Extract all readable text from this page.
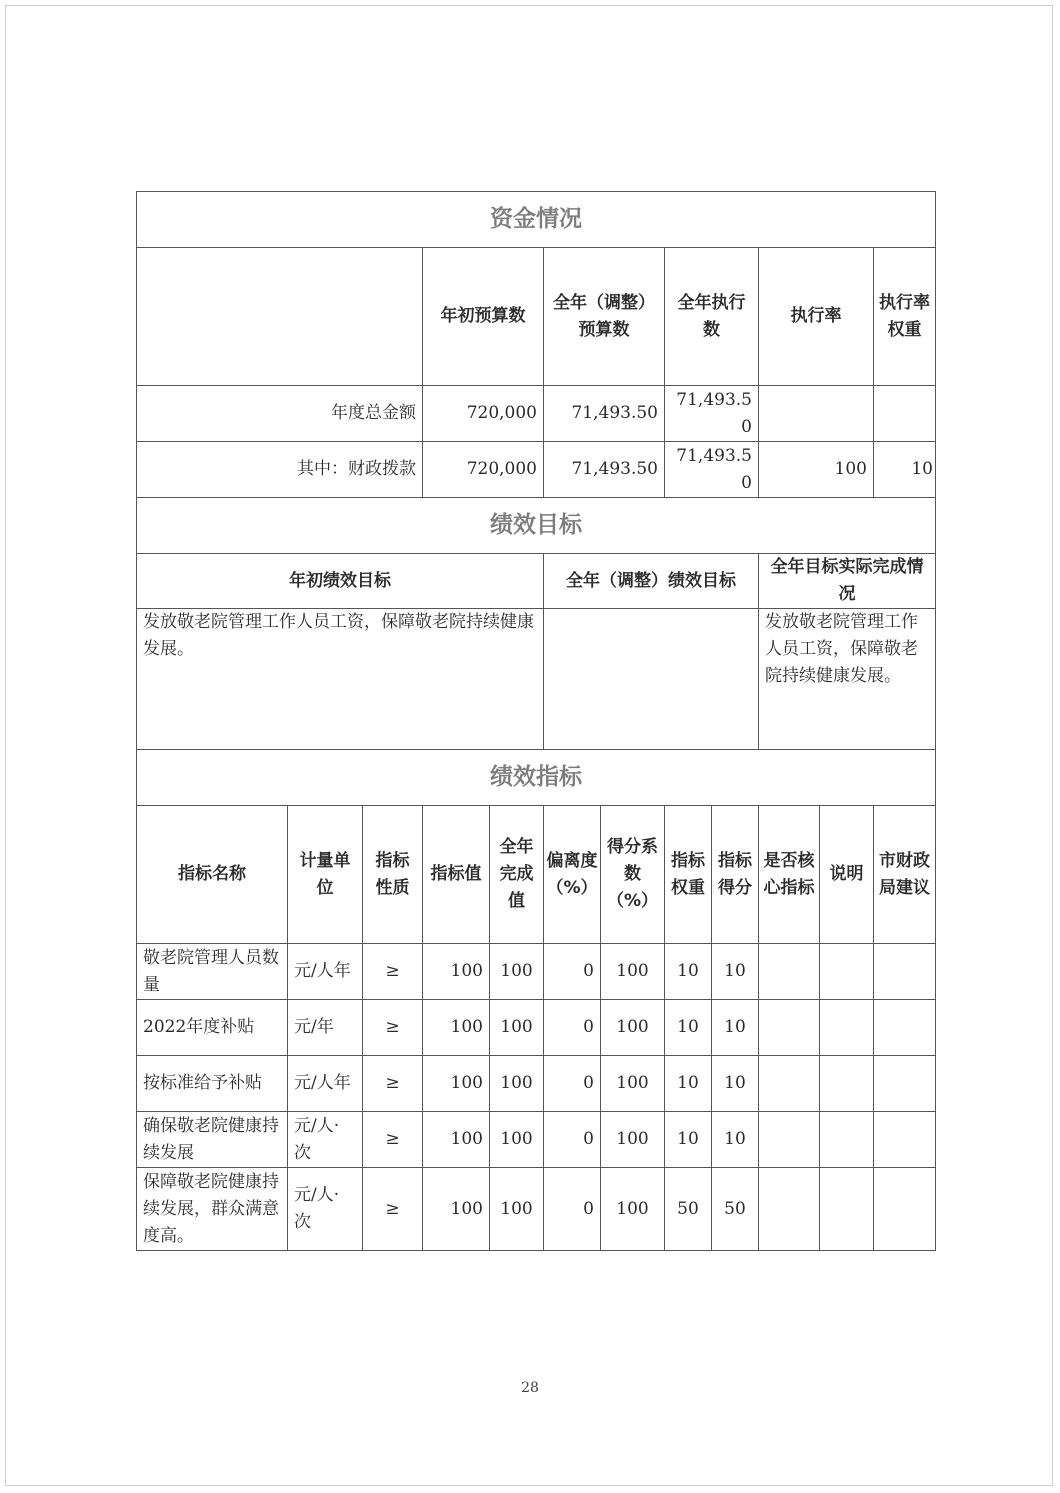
资金情况												
			年初预算数		全年（调整）预算数		全年执行数		执行率		执行率权重	
年度总金额			720,000		71,493.50		71,493.50					
其中：财政拨款			720,000		71,493.50		71,493.50		100		10	
绩效目标												
年初绩效目标					全年（调整）绩效目标				全年目标实际完成情况			
发放敬老院管理工作人员工资，保障敬老院持续健康发展。									发放敬老院管理工作人员工资，保障敬老院持续健康发展。			
绩效指标												
指标名称	计量单位	指标性质	指标值	全年完成值	偏离度（%）	得分系数（%）	指标权重	指标得分	是否核心指标	说明	市财政局建议	
敬老院管理人员数量	元/人年	≥	100	100	0	100	10	10				
2022年度补贴	元/年	≥	100	100	0	100	10	10				
按标准给予补贴	元/人年	≥	100	100	0	100	10	10				
确保敬老院健康持续发展	元/人·次	≥	100	100	0	100	10	10				
保障敬老院健康持续发展，群众满意度高。	元/人·次	≥	100	100	0	100	50	50				
28
